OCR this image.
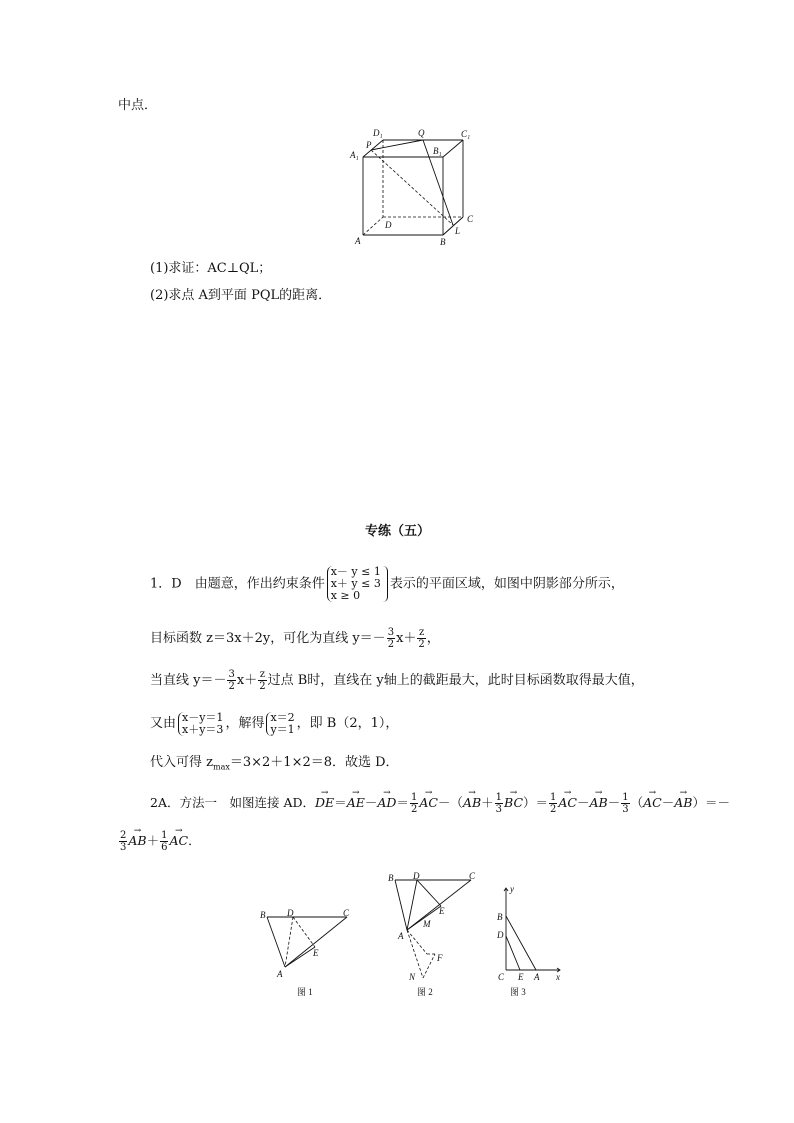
中点．
D₁	Q	C₁
P
A₁	B₁
D
C
L
A	B
(1)求证：AC⊥QL；
(2)求点 A到平面 PQL的距离．
专练（五）
1．D　由题意，作出约束条件
x－ y ≤ 1
x＋ y ≤ 3
x ≥ 0
表示的平面区域，如图中阴影部分所示，
目标函数 z＝3x＋2y，可化为直线 $y=- \frac{3}{2} x+ \frac{z}{2}$ ，
当直线 $y=- \frac{3}{2} x+ \frac{z}{2}$ 过点 B时，直线在 y轴上的截距最大，此时目标函数取得最大值，
又由 x－y＝1
x＋y＝3 ，解得 x＝2
y＝1 ，即 B（2，1），
代入可得 $z_{max}=3\times 2+1\times 2=8$．故选 D．
2A．方法一　如图连接 AD．→ $DE=\to AE-\to AD= \frac{1}{2}$
→ $AC-(\to AB+ \frac{1}{3}$
→ $BC)= \frac{1}{2}$
→ $AC-\to AB- \frac{1}{3}$ （→ AC－→ AB）＝－
$\frac{2}{3}$
→ $AB+ \frac{1}{6}$
→ AC．
B D	C
E
A
图 1
B D	C
E
M
A
F
N
图 2
y
x
B
D
C E A
图 3
